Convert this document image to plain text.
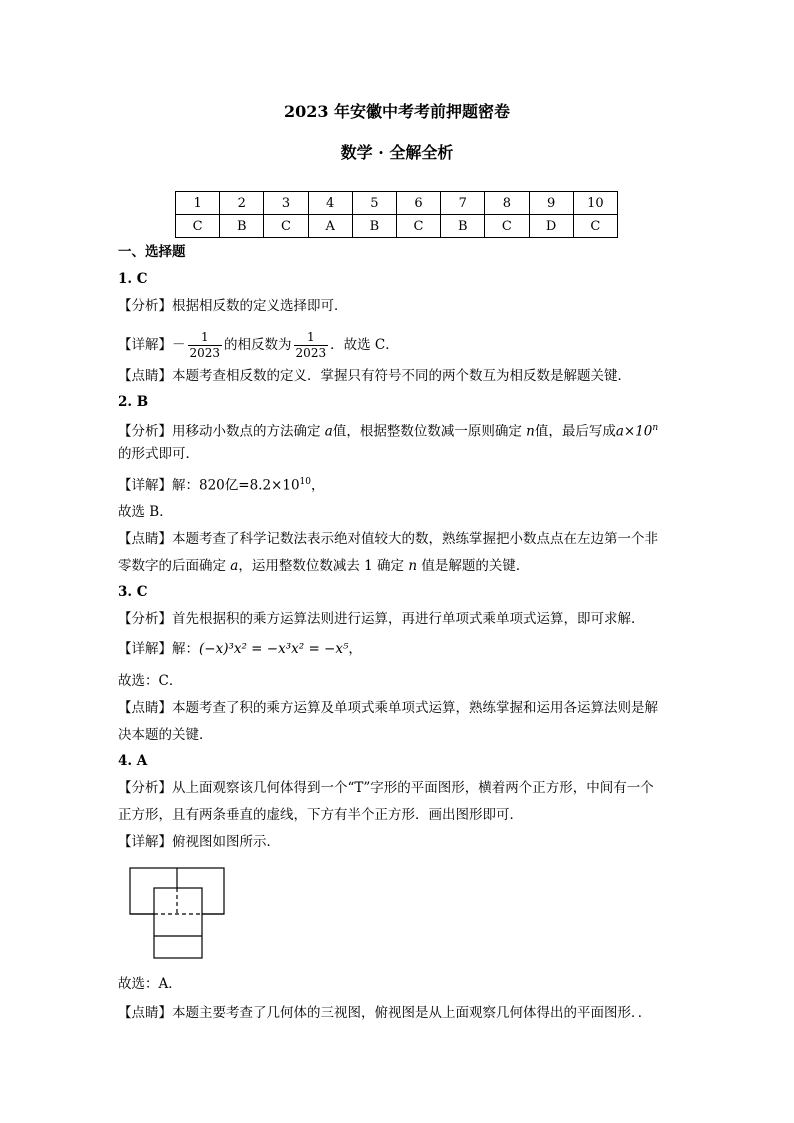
2023 年安徽中考考前押题密卷
数学 · 全解全析
1	2	3	4	5	6	7	8	9	10
C	B	C	A	B	C	B	C	D	C
一、选择题
1. C
【分析】根据相反数的定义选择即可．
【详解】－ $\frac{1}{2023}$ 的相反数为 $\frac{1}{2023}$ ．故选 C．
【点睛】本题考查相反数的定义．掌握只有符号不同的两个数互为相反数是解题关键．
2. B
【分析】用移动小数点的方法确定 a值，根据整数位数减一原则确定 n值，最后写成$a\times 10^n$
的形式即可．
【详解】解：820亿$=8.2\times 10^{10}$，
故选 B．
【点睛】本题考查了科学记数法表示绝对值较大的数，熟练掌握把小数点点在左边第一个非
零数字的后面确定 a，运用整数位数减去 1 确定 n 值是解题的关键．
3. C
【分析】首先根据积的乘方运算法则进行运算，再进行单项式乘单项式运算，即可求解．
【详解】解：(−x)³x² = −x³x² = −x⁵，
故选：C．
【点睛】本题考查了积的乘方运算及单项式乘单项式运算，熟练掌握和运用各运算法则是解
决本题的关键．
4. A
【分析】从上面观察该几何体得到一个“T”字形的平面图形，横着两个正方形，中间有一个
正方形，且有两条垂直的虚线，下方有半个正方形．画出图形即可．
【详解】俯视图如图所示．
故选：A．
【点睛】本题主要考查了几何体的三视图，俯视图是从上面观察几何体得出的平面图形．．
